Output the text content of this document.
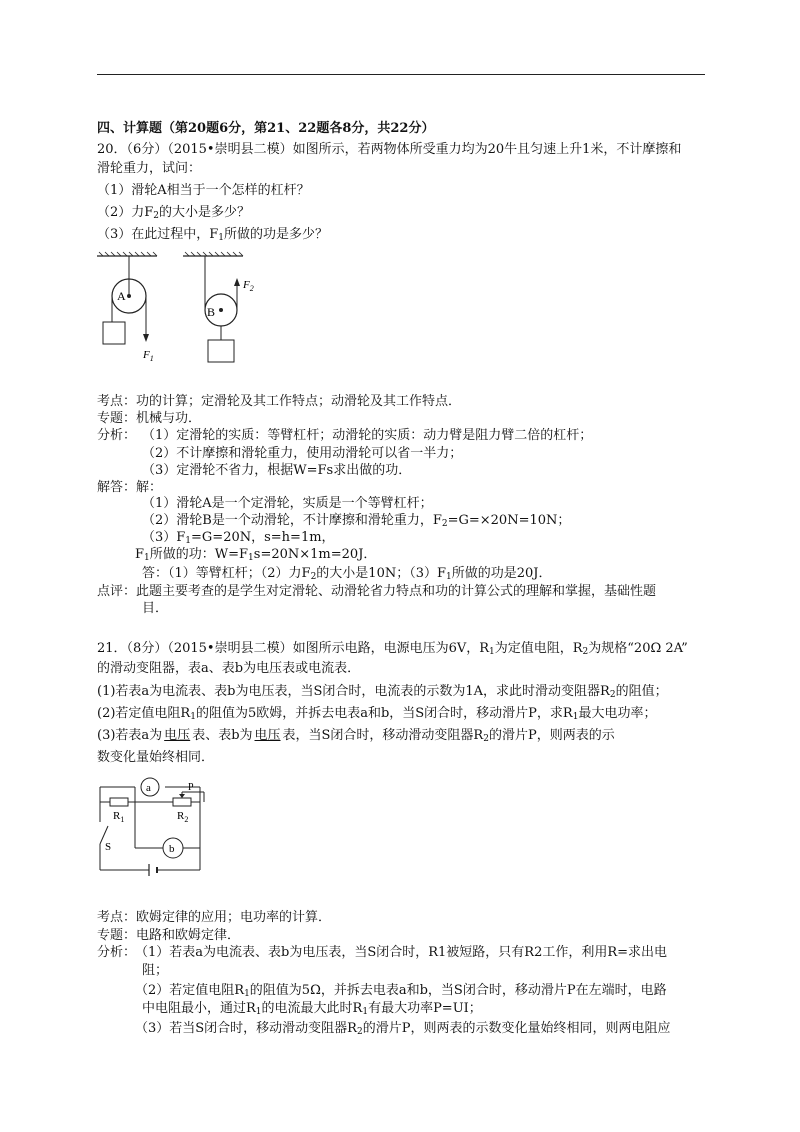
四、计算题（第20题6分，第21、22题各8分，共22分）
20．（6分）（2015•崇明县二模）如图所示，若两物体所受重力均为20牛且匀速上升1米，不计摩擦和
滑轮重力，试问：
（1）滑轮A相当于一个怎样的杠杆？
（2）力$F_2$的大小是多少？
（3）在此过程中，$F_1$所做的功是多少？
A
$F_1$
B
$F_2$
考点：功的计算；定滑轮及其工作特点；动滑轮及其工作特点．
专题：机械与功．
分析： （1）定滑轮的实质：等臂杠杆；动滑轮的实质：动力臂是阻力臂二倍的杠杆；
（2）不计摩擦和滑轮重力，使用动滑轮可以省一半力；
（3）定滑轮不省力，根据W=Fs求出做的功．
解答：解：
（1）滑轮A是一个定滑轮，实质是一个等臂杠杆；
（2）滑轮B是一个动滑轮，不计摩擦和滑轮重力，$F_2=G=\times 20N=10N$；
$(3)F_1=G=20N$，s=h=1m，
$F_1$所做的功：$W=F_1s=20N\times 1m=20J$．
答：（1）等臂杠杆；（2）力$F_2$的大小是10N；$(3)F_1$所做的功是20J．
点评：此题主要考查的是学生对定滑轮、动滑轮省力特点和功的计算公式的理解和掌握，基础性题
目．
21．（8分）（2015•崇明县二模）如图所示电路，电源电压为6V，$R_1$为定值电阻，$R_2$为规格“20Ω 2A”
的滑动变阻器，表a、表b为电压表或电流表．
(1)若表a为电流表、表b为电压表，当S闭合时，电流表的示数为1A，求此时滑动变阻器$R_2$的阻值；
(2)若定值电阻$R_1$的阻值为5欧姆，并拆去电表a和b，当S闭合时，移动滑片P，求$R_1$最大电功率；
(3)若表a为电压表、表b为电压表，当S闭合时，移动滑动变阻器$R_2$的滑片P，则两表的示
数变化量始终相同．
a
b
S
P
$R_1$	$R_2$
考点：欧姆定律的应用；电功率的计算．
专题：电路和欧姆定律．
分析：
（1）若表a为电流表、表b为电压表，当S闭合时，R1被短路，只有R2工作，利用R=求出电
阻；
（2）若定值电阻$R_1$的阻值为5Ω，并拆去电表a和b，当S闭合时，移动滑片P在左端时，电路
中电阻最小，通过$R_1$的电流最大此时$R_1$有最大功率P=UI；
（3）若当S闭合时，移动滑动变阻器$R_2$的滑片P，则两表的示数变化量始终相同，则两电阻应
